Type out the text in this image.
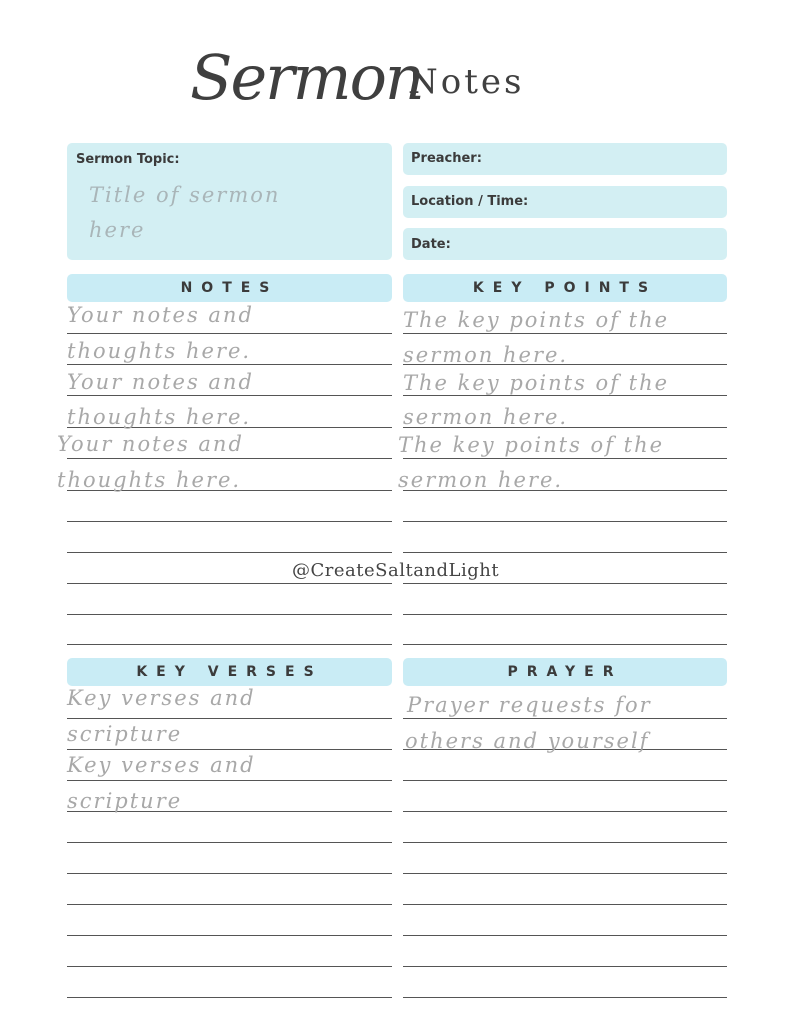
Sermon
Notes
Sermon Topic:
Title of sermon
here
Preacher:
Location / Time:
Date:
NOTES	KEY POINTS
KEY VERSES	PRAYER
Your notes and
thoughts here.
Your notes and
thoughts here.
Your notes and
thoughts here.
The key points of the
sermon here.
The key points of the
sermon here.
The key points of the
sermon here.
Key verses and
scripture
Key verses and
scripture
Prayer requests for
others and yourself
@CreateSaltandLight
